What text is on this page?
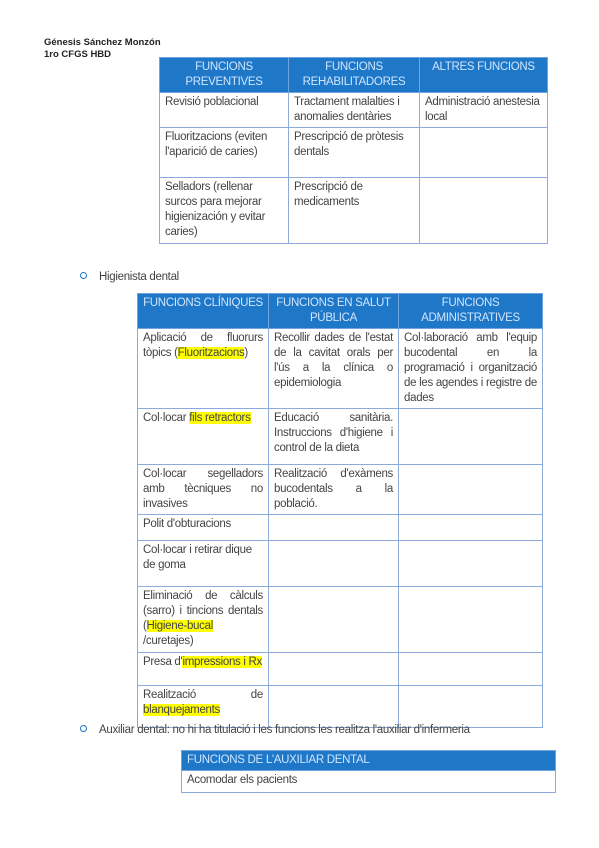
Génesis Sánchez Monzón
1ro CFGS HBD
FUNCIONS PREVENTIVES	FUNCIONS REHABILITADORES	ALTRES FUNCIONS
Revisió poblacional	Tractament malalties i anomalies dentàries	Administració anestesia local
Fluoritzacions (eviten l'aparició de caries)	Prescripció de pròtesis dentals	
Selladors (rellenar surcos para mejorar higienización y evitar caries)	Prescripció de medicaments	
Higienista dental
FUNCIONS CLÍNIQUES	FUNCIONS EN SALUT PÚBLICA	FUNCIONS ADMINISTRATIVES
Aplicació de fluorurs tòpics (Fluoritzacions)	Recollir dades de l'estat de la cavitat orals per l'ús a la clínica o epidemiologia	Col·laboració amb l'equip bucodental en la programació i organització de les agendes i registre de dades
Col·locar fils retractors	Educació sanitària. Instruccions d'higiene i control de la dieta	
Col·locar segelladors amb tècniques no invasives	Realització d'exàmens bucodentals a la població.	
Polit d'obturacions		
Col·locar i retirar dique de goma		
Eliminació de càlculs (sarro) i tincions dentals (Higiene-bucal /curetajes)		
Presa d'impressions i Rx		
Realització de blanquejaments		
Auxiliar dental: no hi ha titulació i les funcions les realitza l'auxiliar d'infermeria
FUNCIONS DE L'AUXILIAR DENTAL
Acomodar els pacients
